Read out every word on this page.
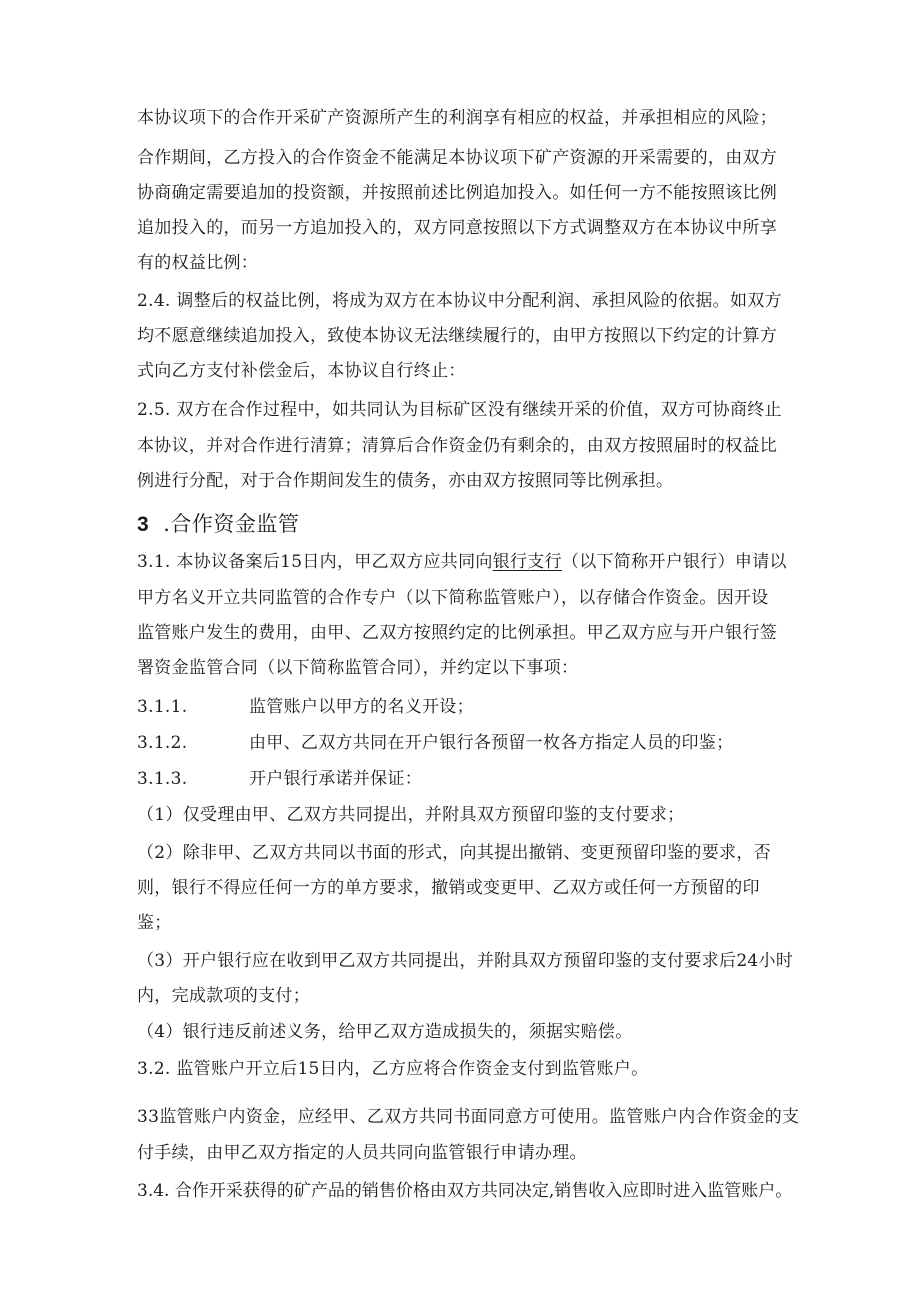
本协议项下的合作开采矿产资源所产生的利润享有相应的权益，并承担相应的风险；
合作期间，乙方投入的合作资金不能满足本协议项下矿产资源的开采需要的，由双方
协商确定需要追加的投资额，并按照前述比例追加投入。如任何一方不能按照该比例
追加投入的，而另一方追加投入的，双方同意按照以下方式调整双方在本协议中所享
有的权益比例：
2.4. 调整后的权益比例，将成为双方在本协议中分配利润、承担风险的依据。如双方
均不愿意继续追加投入，致使本协议无法继续履行的，由甲方按照以下约定的计算方
式向乙方支付补偿金后，本协议自行终止：
2.5. 双方在合作过程中，如共同认为目标矿区没有继续开采的价值，双方可协商终止
本协议，并对合作进行清算；清算后合作资金仍有剩余的，由双方按照届时的权益比
例进行分配，对于合作期间发生的债务，亦由双方按照同等比例承担。
3 .合作资金监管
3.1. 本协议备案后15日内，甲乙双方应共同向银行支行（以下简称开户银行）申请以
甲方名义开立共同监管的合作专户（以下简称监管账户），以存储合作资金。因开设
监管账户发生的费用，由甲、乙双方按照约定的比例承担。甲乙双方应与开户银行签
署资金监管合同（以下简称监管合同），并约定以下事项：
3.1.1.	监管账户以甲方的名义开设；
3.1.2.	由甲、乙双方共同在开户银行各预留一枚各方指定人员的印鉴；
3.1.3.	开户银行承诺并保证：
（1）仅受理由甲、乙双方共同提出，并附具双方预留印鉴的支付要求；
（2）除非甲、乙双方共同以书面的形式，向其提出撤销、变更预留印鉴的要求，否
则，银行不得应任何一方的单方要求，撤销或变更甲、乙双方或任何一方预留的印
鉴；
（3）开户银行应在收到甲乙双方共同提出，并附具双方预留印鉴的支付要求后24小时
内，完成款项的支付；
（4）银行违反前述义务，给甲乙双方造成损失的，须据实赔偿。
3.2. 监管账户开立后15日内，乙方应将合作资金支付到监管账户。
33监管账户内资金，应经甲、乙双方共同书面同意方可使用。监管账户内合作资金的支
付手续，由甲乙双方指定的人员共同向监管银行申请办理。
3.4. 合作开采获得的矿产品的销售价格由双方共同决定,销售收入应即时进入监管账户。
